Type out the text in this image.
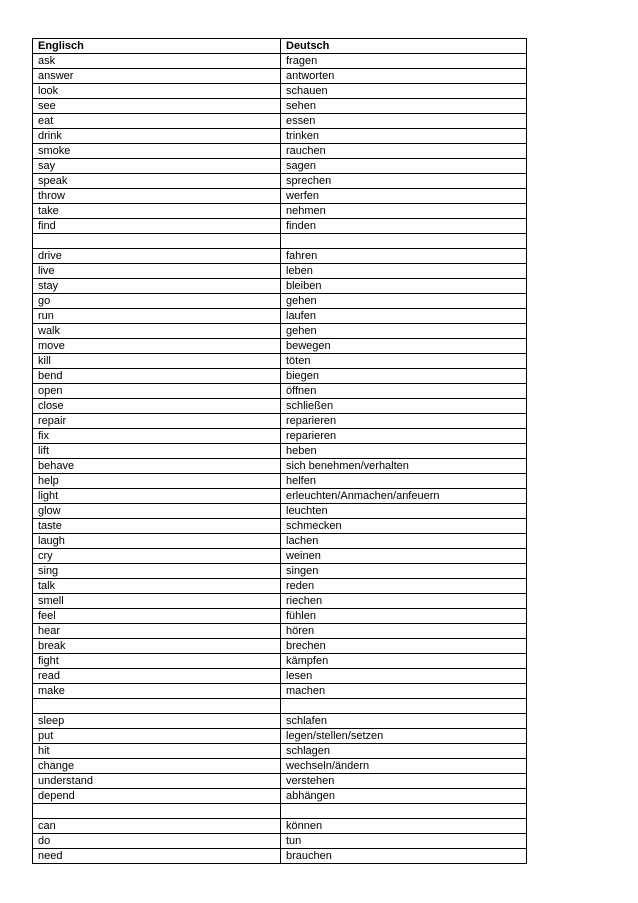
Englisch	Deutsch
ask	fragen
answer	antworten
look	schauen
see	sehen
eat	essen
drink	trinken
smoke	rauchen
say	sagen
speak	sprechen
throw	werfen
take	nehmen
find	finden

drive	fahren
live	leben
stay	bleiben
go	gehen
run	laufen
walk	gehen
move	bewegen
kill	töten
bend	biegen
open	öffnen
close	schließen
repair	reparieren
fix	reparieren
lift	heben
behave	sich benehmen/verhalten
help	helfen
light	erleuchten/Anmachen/anfeuern
glow	leuchten
taste	schmecken
laugh	lachen
cry	weinen
sing	singen
talk	reden
smell	riechen
feel	fühlen
hear	hören
break	brechen
fight	kämpfen
read	lesen
make	machen

sleep	schlafen
put	legen/stellen/setzen
hit	schlagen
change	wechseln/ändern
understand	verstehen
depend	abhängen

can	können
do	tun
need	brauchen
